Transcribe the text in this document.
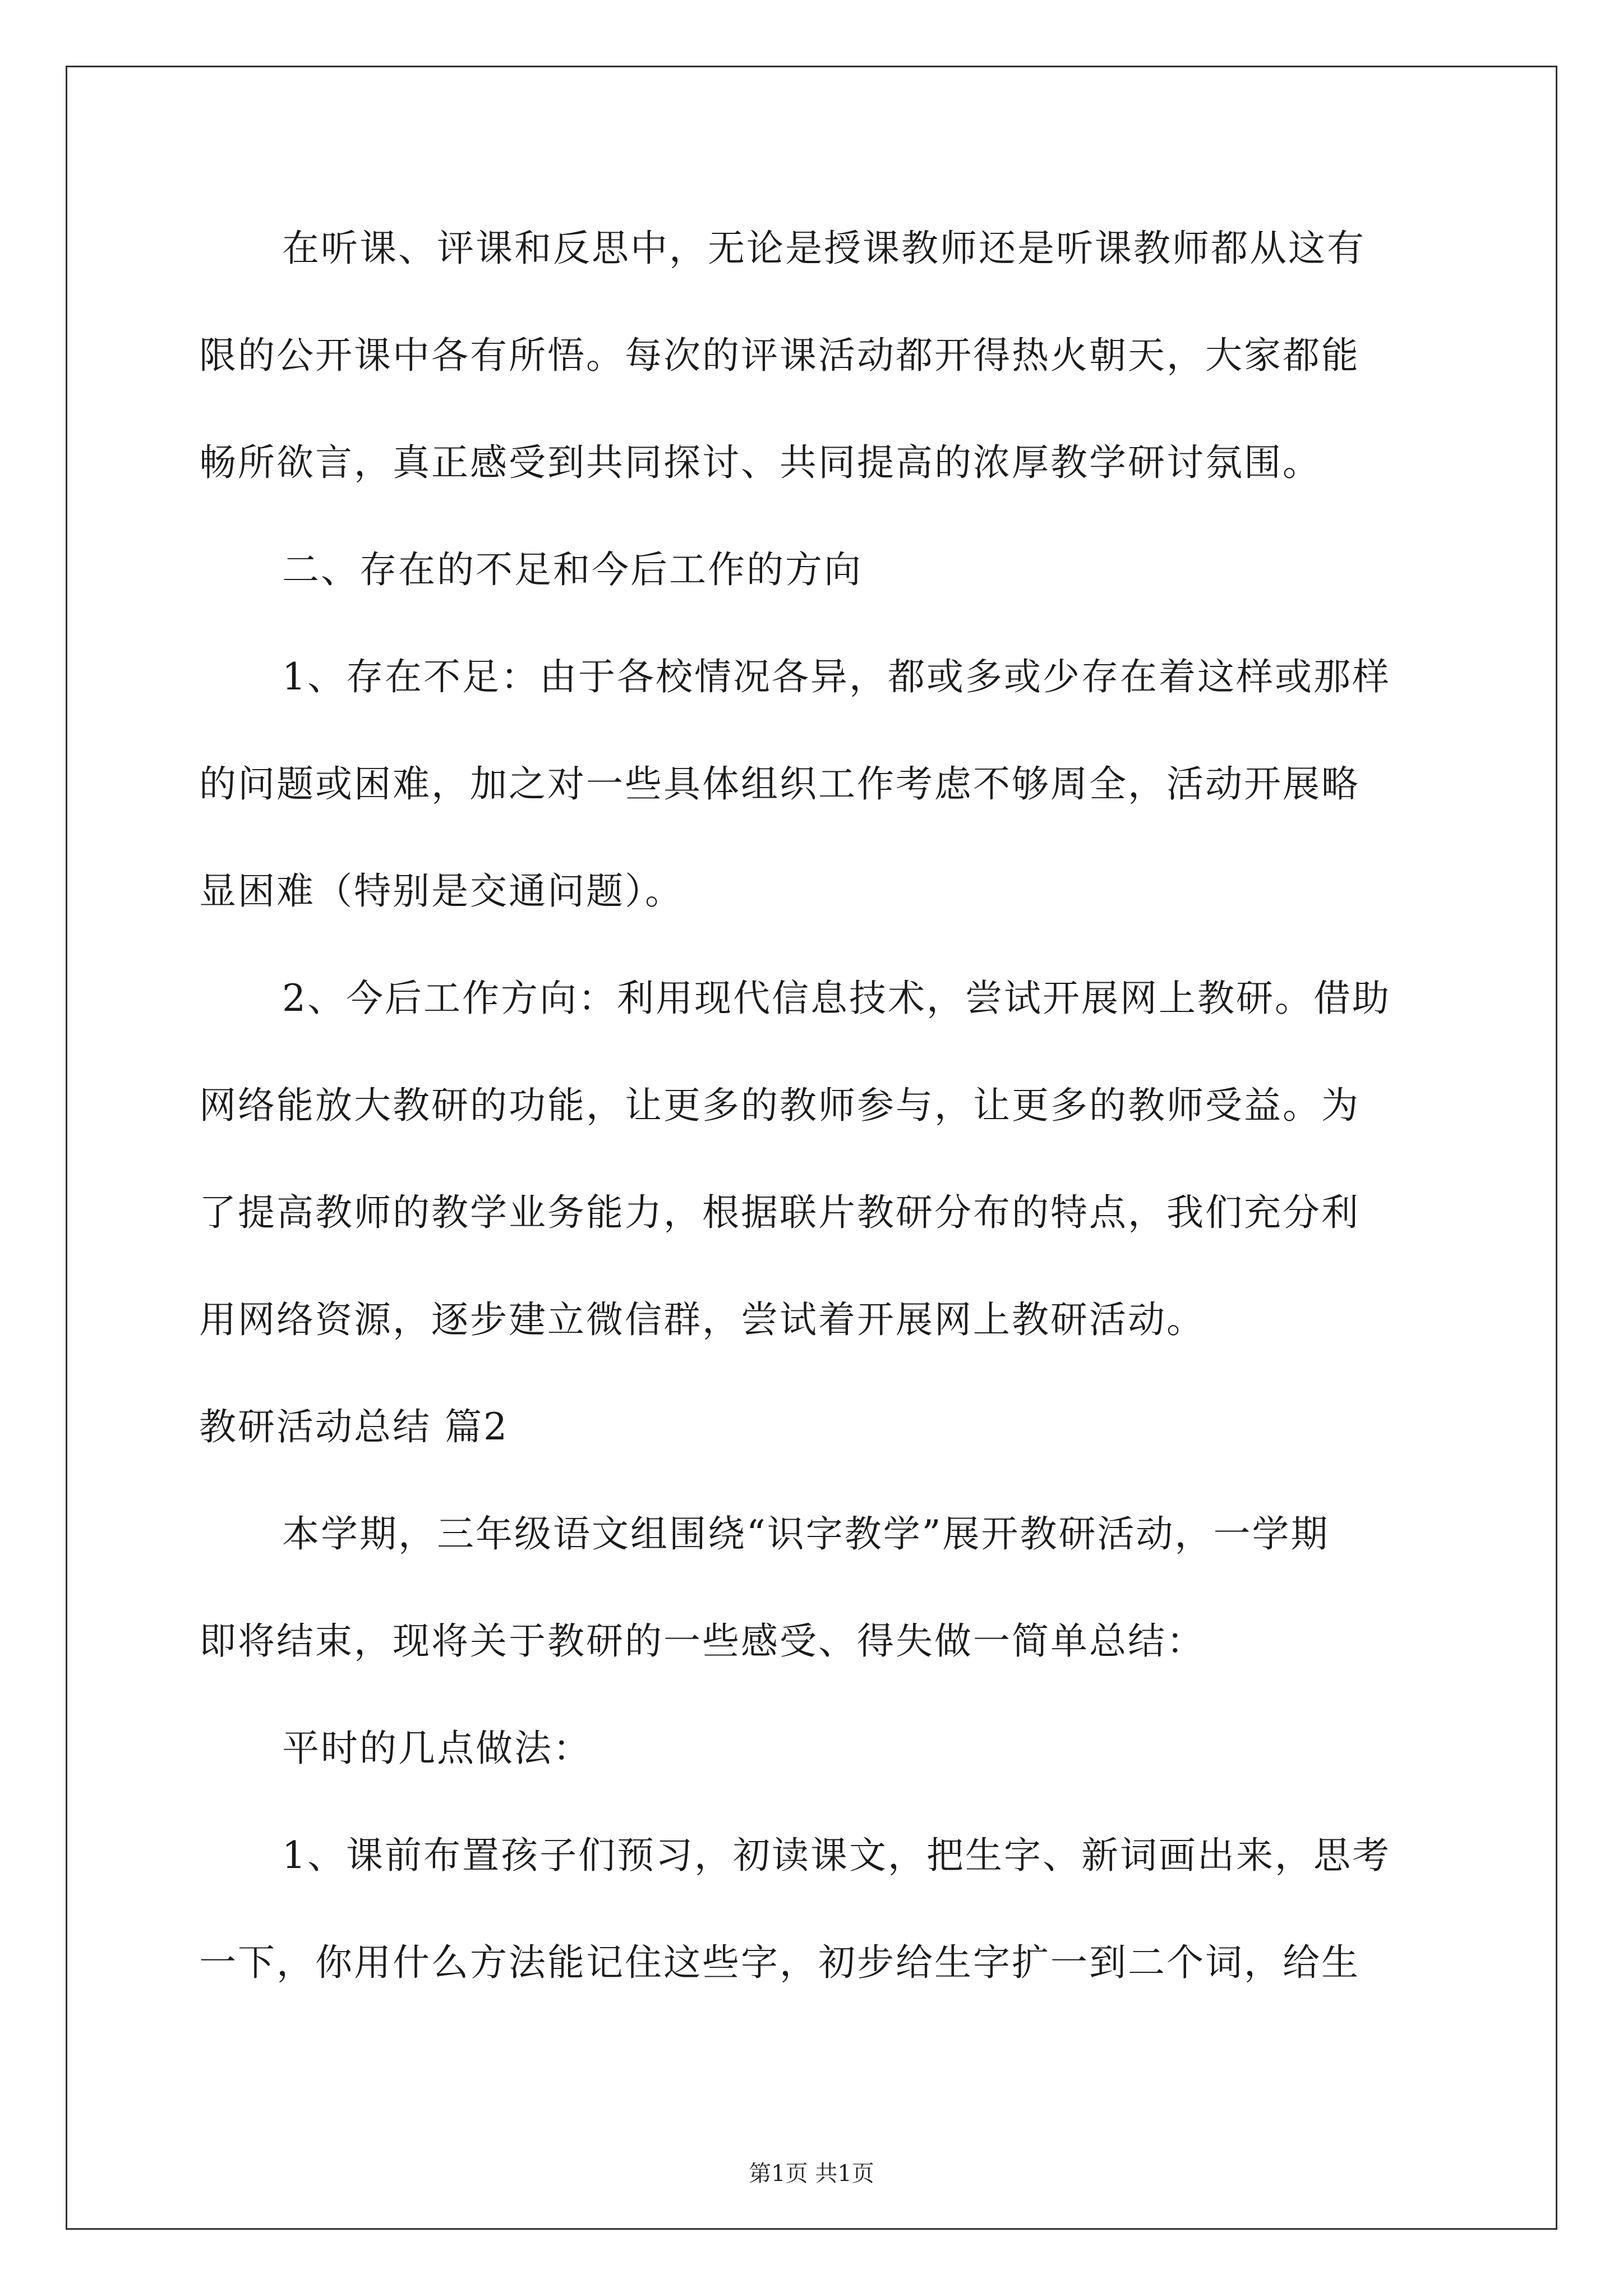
在听课、评课和反思中，无论是授课教师还是听课教师都从这有
限的公开课中各有所悟。每次的评课活动都开得热火朝天，大家都能
畅所欲言，真正感受到共同探讨、共同提高的浓厚教学研讨氛围。
二、存在的不足和今后工作的方向
1、存在不足：由于各校情况各异，都或多或少存在着这样或那样
的问题或困难，加之对一些具体组织工作考虑不够周全，活动开展略
显困难（特别是交通问题）。
2、今后工作方向：利用现代信息技术，尝试开展网上教研。借助
网络能放大教研的功能，让更多的教师参与，让更多的教师受益。为
了提高教师的教学业务能力，根据联片教研分布的特点，我们充分利
用网络资源，逐步建立微信群，尝试着开展网上教研活动。
教研活动总结 篇2
本学期，三年级语文组围绕“识字教学”展开教研活动，一学期
即将结束，现将关于教研的一些感受、得失做一简单总结：
平时的几点做法：
1、课前布置孩子们预习，初读课文，把生字、新词画出来，思考
一下，你用什么方法能记住这些字，初步给生字扩一到二个词，给生
第1页 共1页
